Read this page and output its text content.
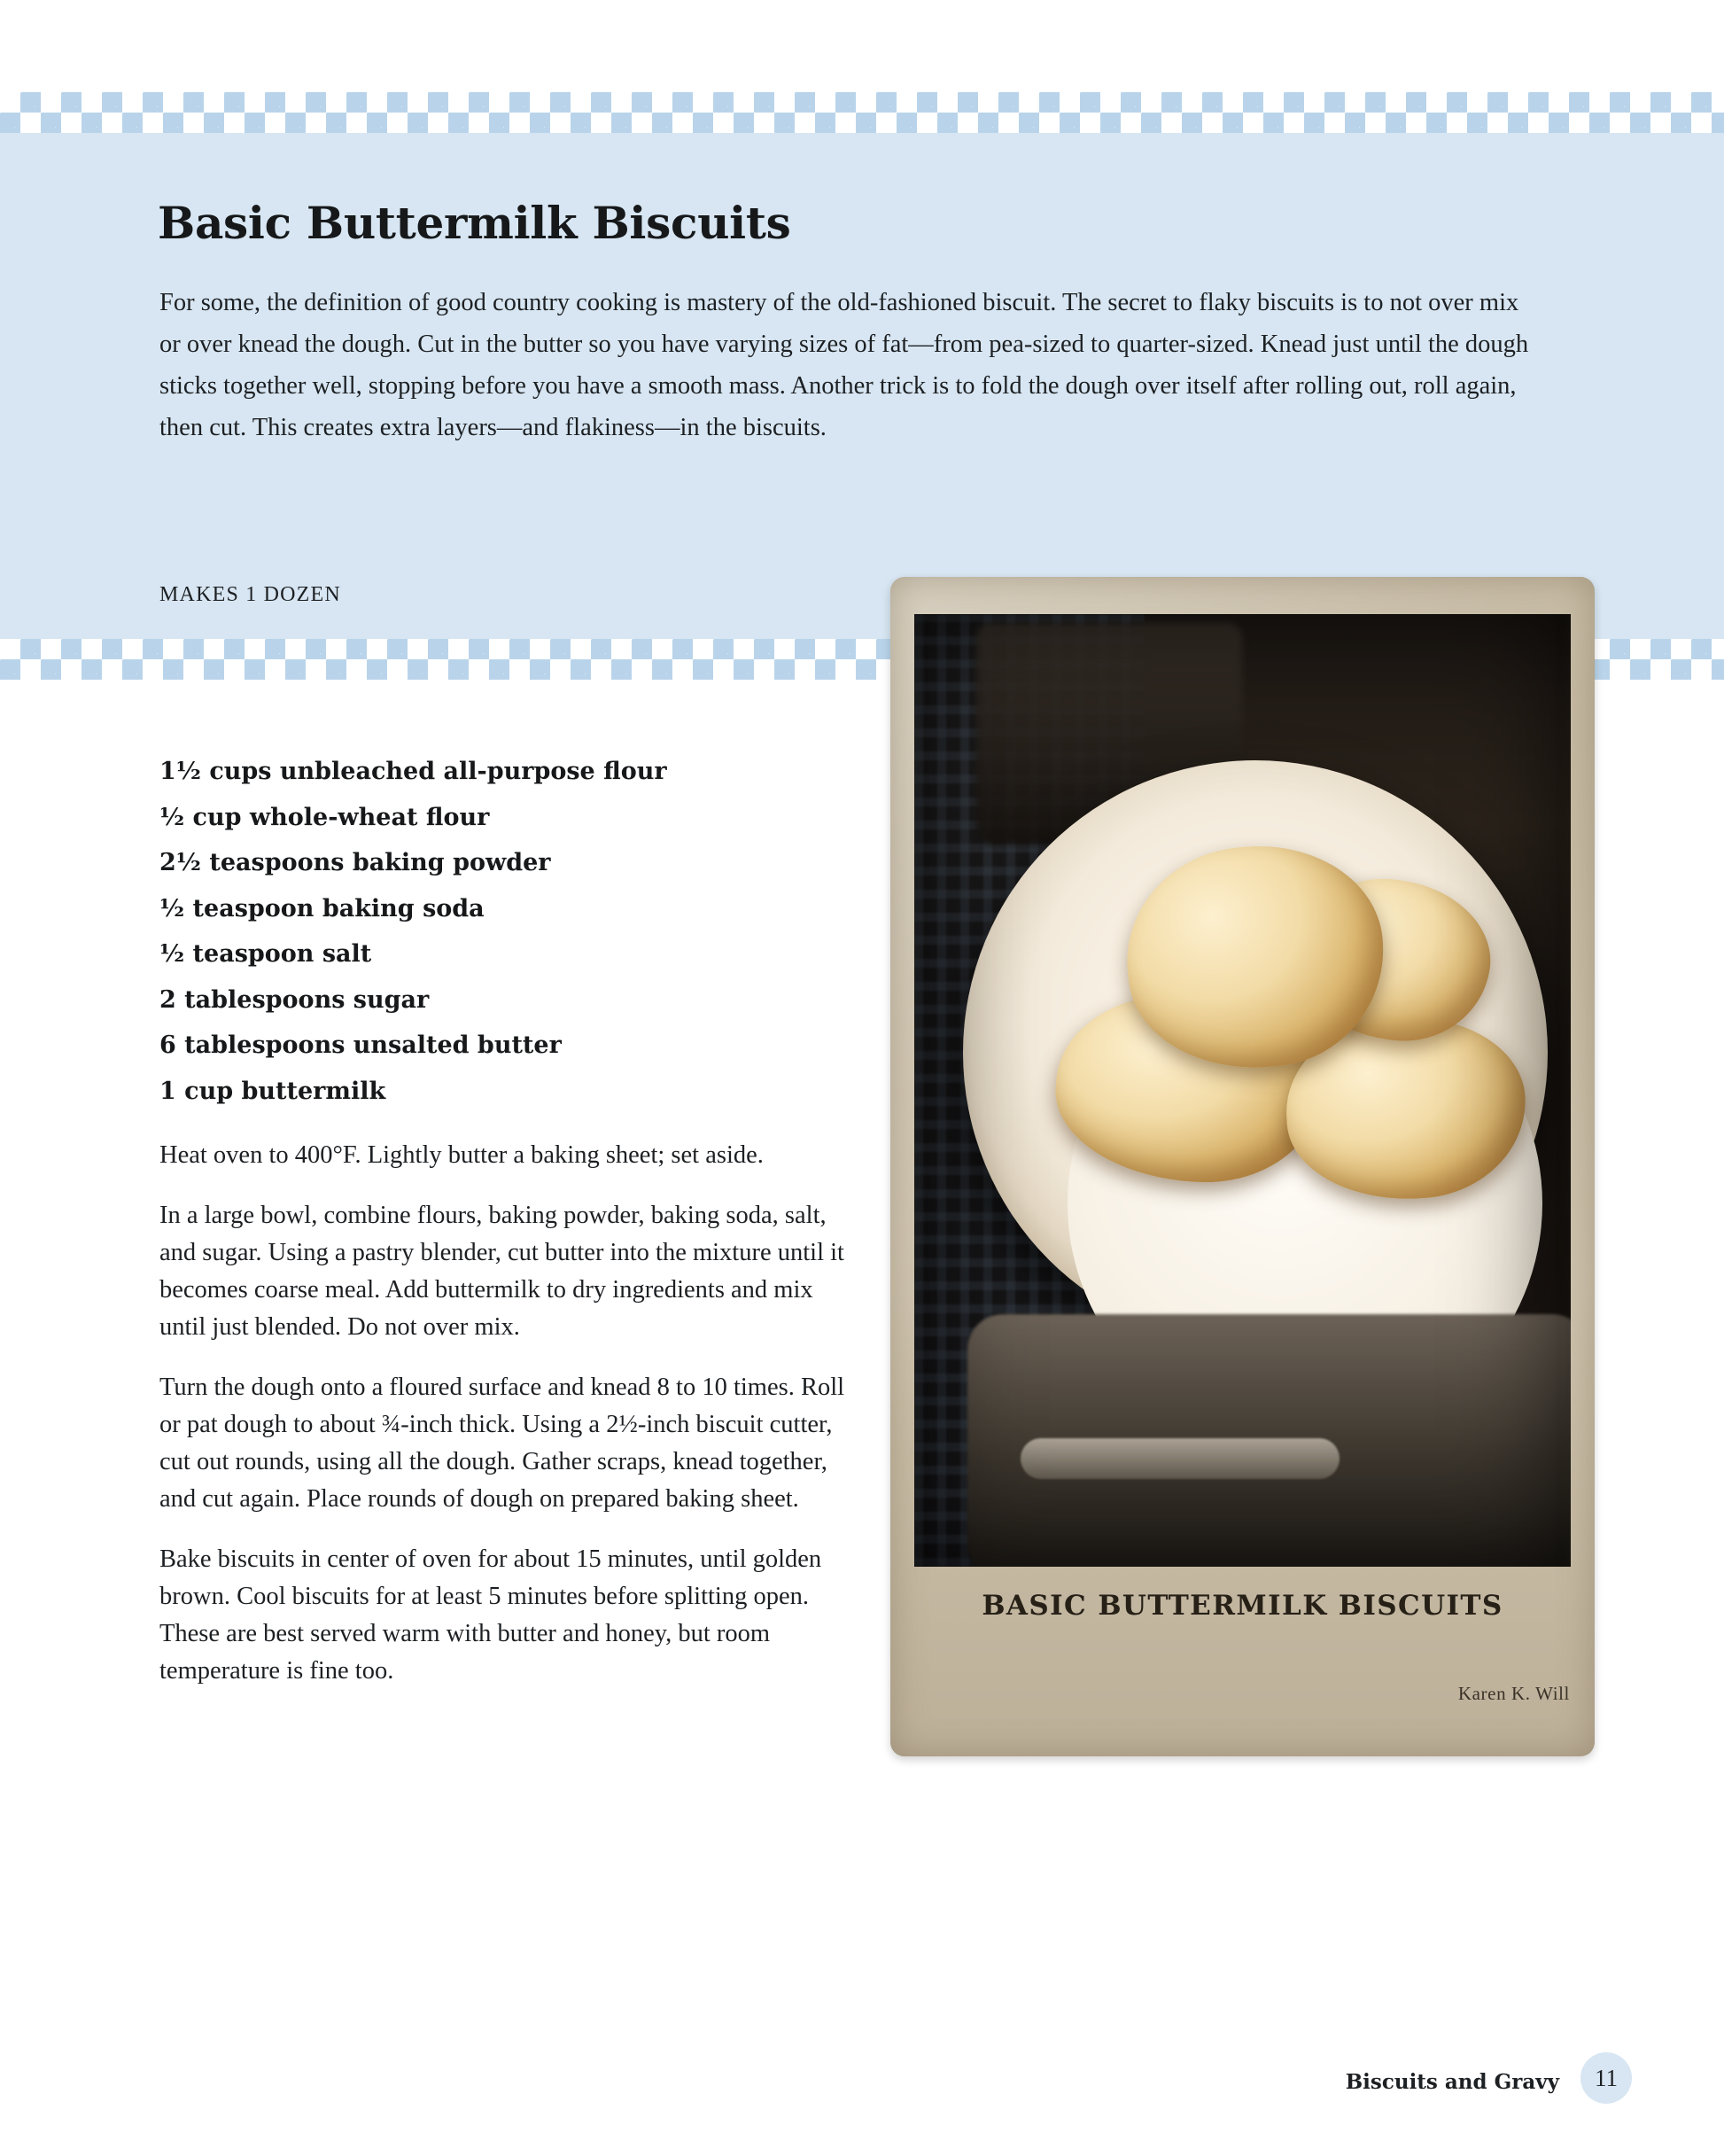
Basic Buttermilk Biscuits
For some, the definition of good country cooking is mastery of the old-fashioned biscuit. The secret to flaky biscuits is to not over mix or over knead the dough. Cut in the butter so you have varying sizes of fat—from pea-sized to quarter-sized. Knead just until the dough sticks together well, stopping before you have a smooth mass. Another trick is to fold the dough over itself after rolling out, roll again, then cut. This creates extra layers—and flakiness—in the biscuits.
MAKES 1 DOZEN
1½ cups unbleached all-purpose flour
½ cup whole-wheat flour
2½ teaspoons baking powder
½ teaspoon baking soda
½ teaspoon salt
2 tablespoons sugar
6 tablespoons unsalted butter
1 cup buttermilk

Heat oven to 400°F. Lightly butter a baking sheet; set aside.

In a large bowl, combine flours, baking powder, baking soda, salt, and sugar. Using a pastry blender, cut butter into the mixture until it becomes coarse meal. Add buttermilk to dry ingredients and mix until just blended. Do not over mix.

Turn the dough onto a floured surface and knead 8 to 10 times. Roll or pat dough to about ¾-inch thick. Using a 2½-inch biscuit cutter, cut out rounds, using all the dough. Gather scraps, knead together, and cut again. Place rounds of dough on prepared baking sheet.

Bake biscuits in center of oven for about 15 minutes, until golden brown. Cool biscuits for at least 5 minutes before splitting open. These are best served warm with butter and honey, but room temperature is fine too.

BASIC BUTTERMILK BISCUITS
Karen K. Will
Biscuits and Gravy	11
